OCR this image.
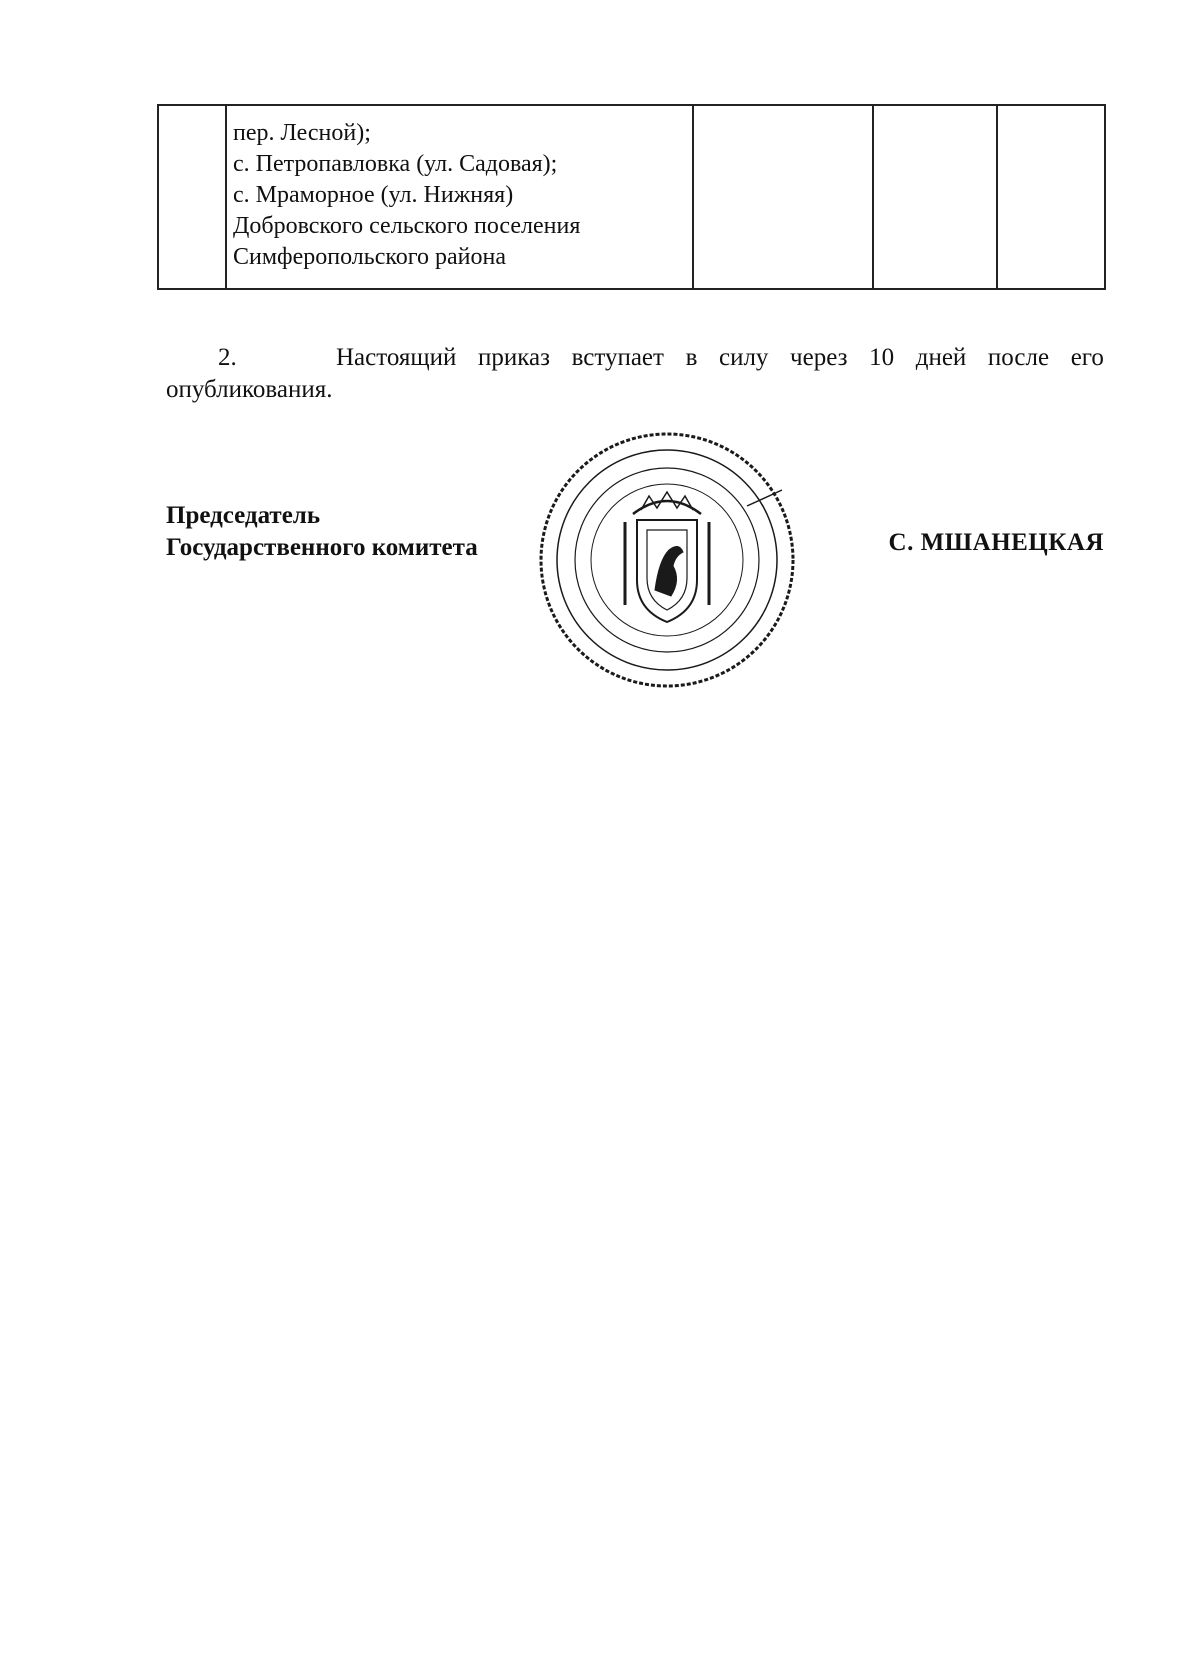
пер. Лесной);
с. Петропавловка (ул. Садовая);
с. Мраморное (ул. Нижняя)
Добровского сельского поселения
Симферопольского района

2.	Настоящий приказ вступает в силу через 10 дней после его
опубликования.
Председатель
Государственного комитета	С. МШАНЕЦКАЯ
